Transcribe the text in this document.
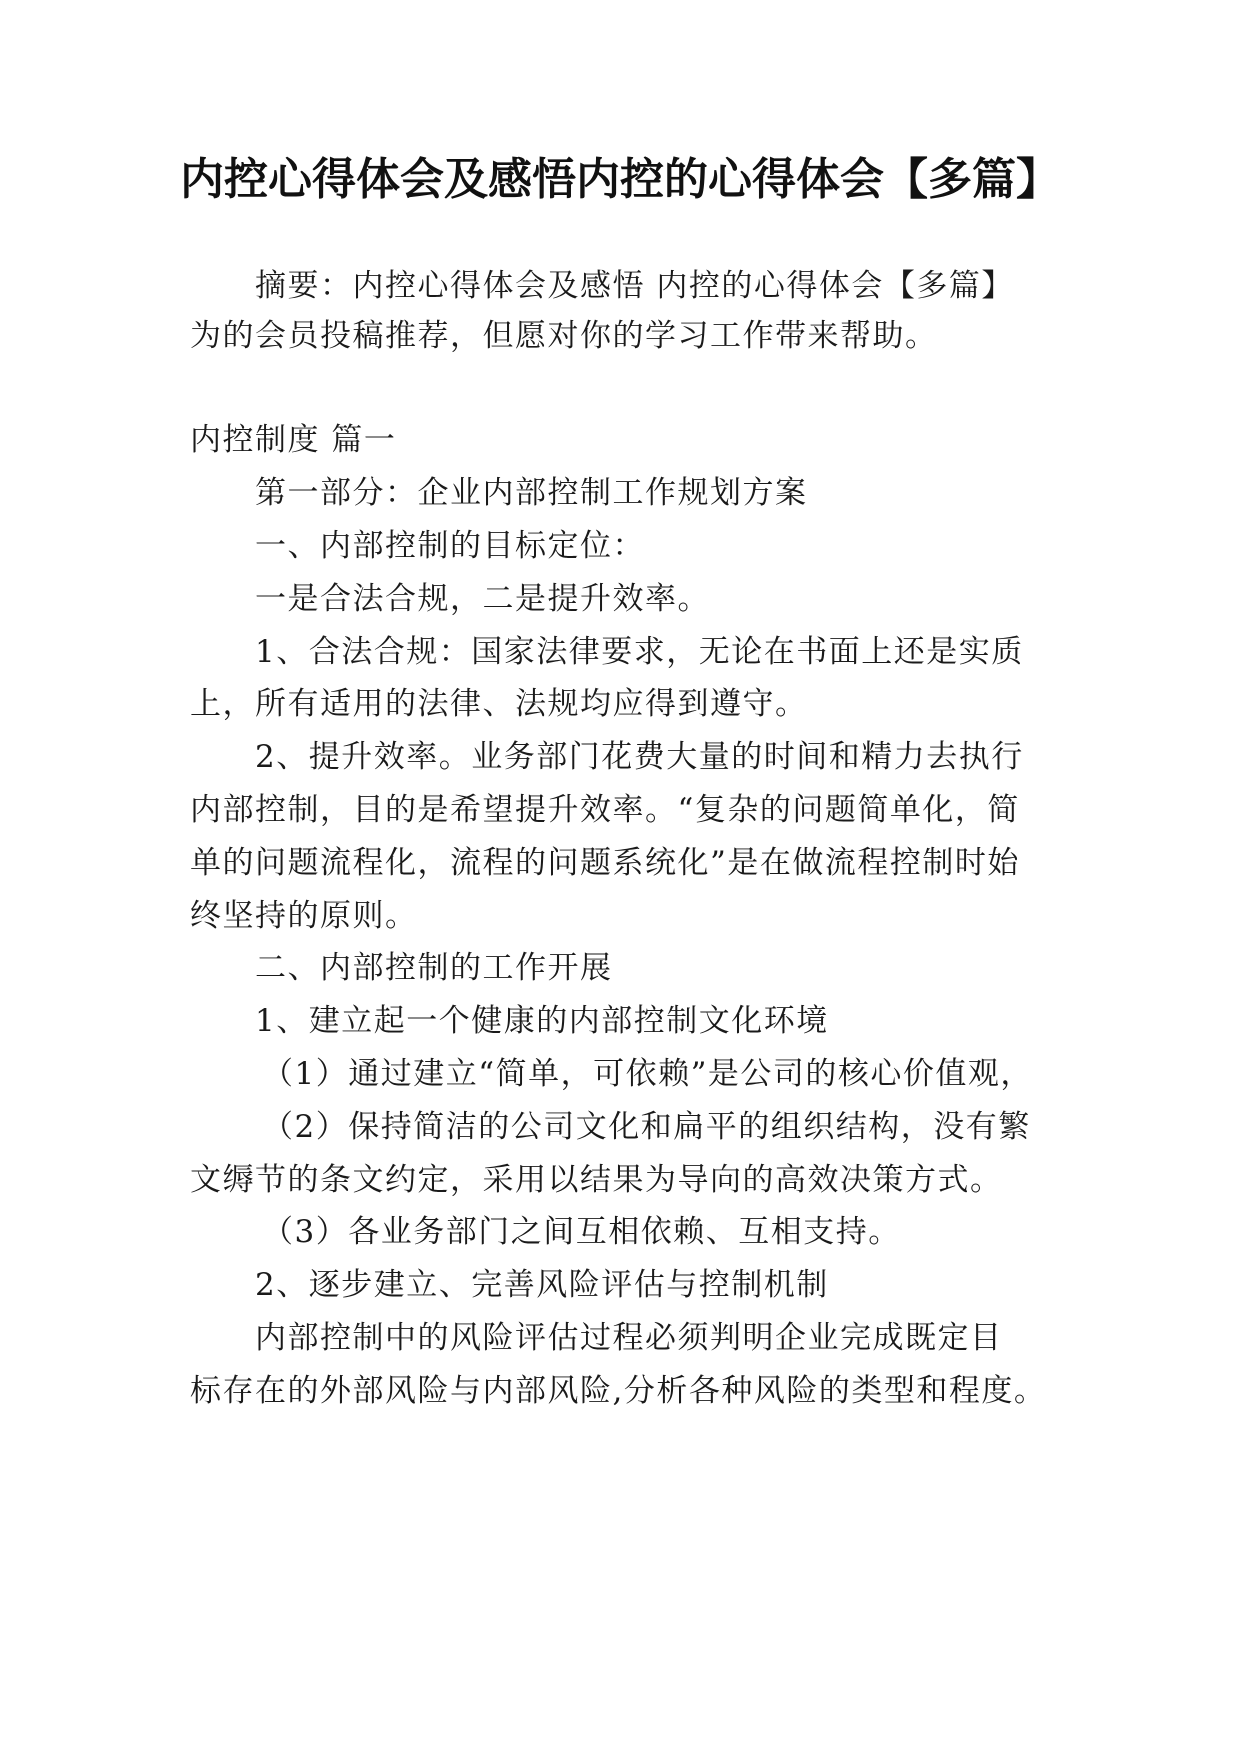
内控心得体会及感悟内控的心得体会【多篇】
摘要：内控心得体会及感悟 内控的心得体会【多篇】
为的会员投稿推荐，但愿对你的学习工作带来帮助。
内控制度 篇一
第一部分：企业内部控制工作规划方案
一、内部控制的目标定位：
一是合法合规，二是提升效率。
1、合法合规：国家法律要求，无论在书面上还是实质
上，所有适用的法律、法规均应得到遵守。
2、提升效率。业务部门花费大量的时间和精力去执行
内部控制，目的是希望提升效率。“复杂的问题简单化，简
单的问题流程化，流程的问题系统化”是在做流程控制时始
终坚持的原则。
二、内部控制的工作开展
1、建立起一个健康的内部控制文化环境
（1）通过建立“简单，可依赖”是公司的核心价值观，
（2）保持简洁的公司文化和扁平的组织结构，没有繁
文缛节的条文约定，采用以结果为导向的高效决策方式。
（3）各业务部门之间互相依赖、互相支持。
2、逐步建立、完善风险评估与控制机制
内部控制中的风险评估过程必须判明企业完成既定目
标存在的外部风险与内部风险,分析各种风险的类型和程度。
